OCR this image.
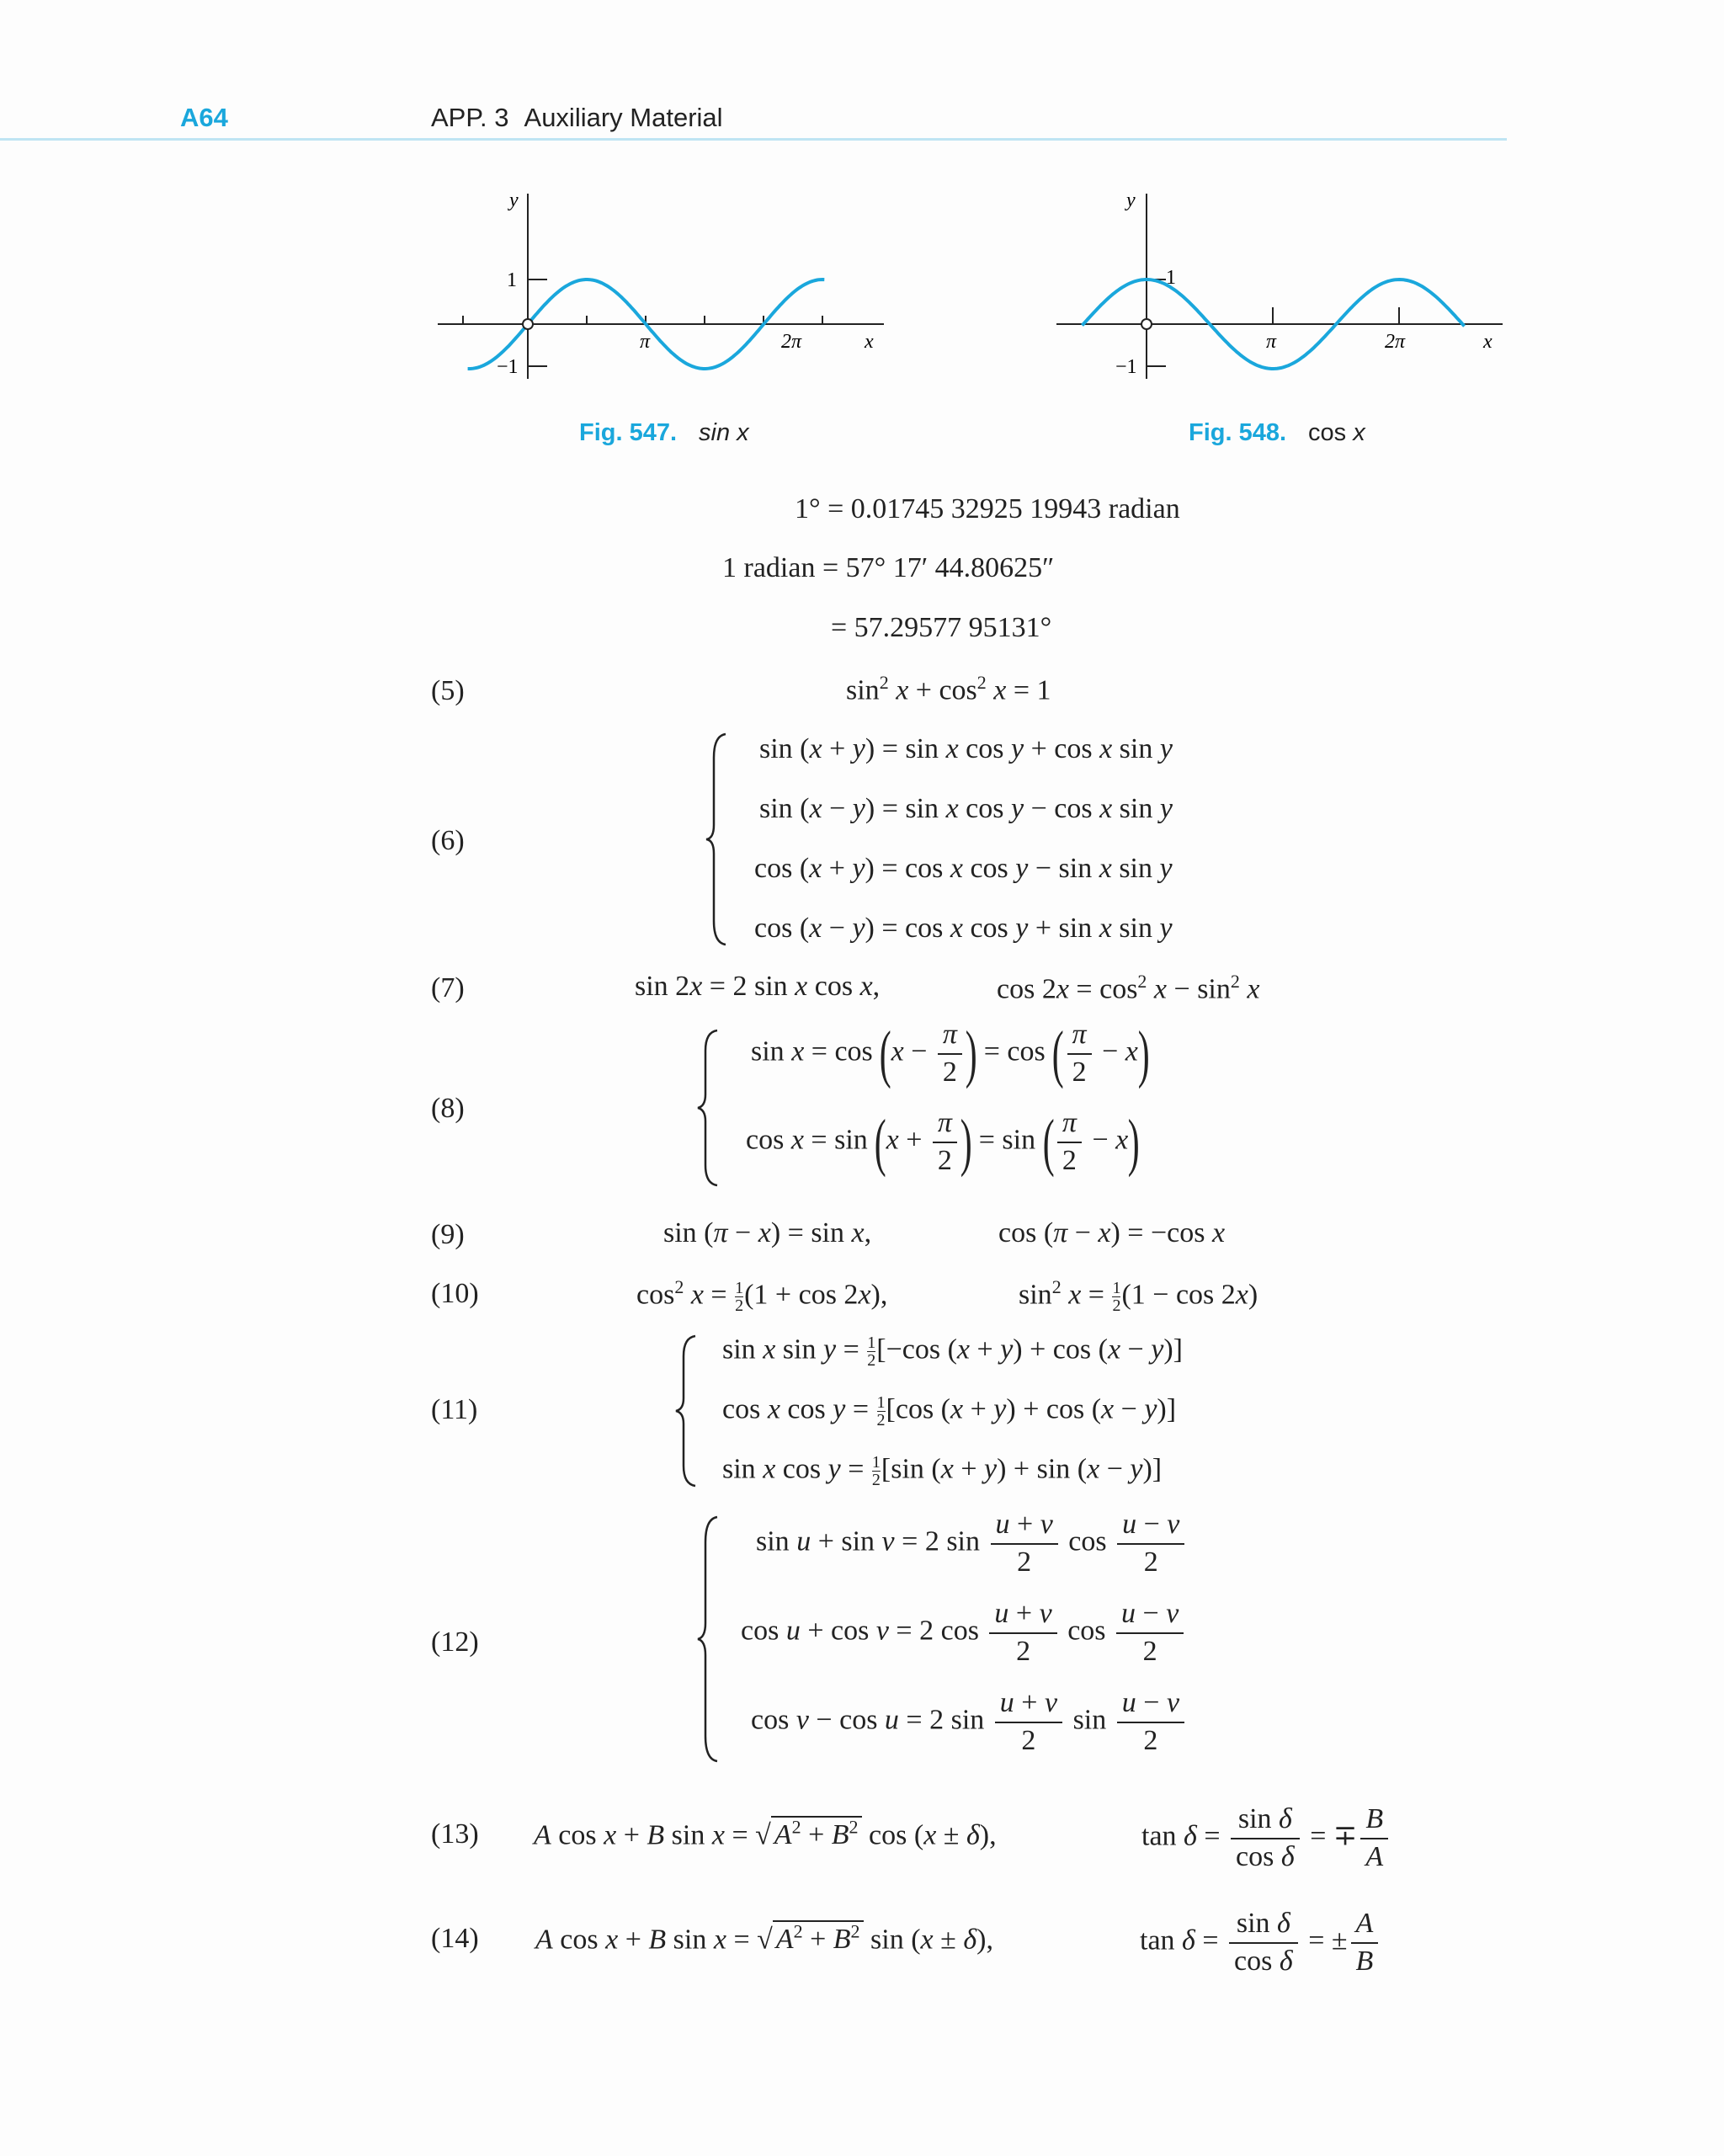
A64	APP. 3 Auxiliary Material
y
1
−1
π	2π	x
Fig. 547. sin x
y
1
−1
π	2π	x
Fig. 548. cos x
1° = 0.01745 32925 19943 radian
1 radian = 57° 17′ 44.80625″
= 57.29577 95131°
(5)	$\sin^2 x + \cos^2 x = 1$
(6)
sin (x + y) = sin x cos y + cos x sin y
sin (x − y) = sin x cos y − cos x sin y
cos (x + y) = cos x cos y − sin x sin y
cos (x − y) = cos x cos y + sin x sin y
(7)	sin 2x = 2 sin x cos x,	$\cos 2x = \cos^2 x - \sin^2 x$
(8)
$\sin x = \cos (x - \frac{\pi}{2}$ ) = cos ( $\frac{\pi}{2} - x$)
$\cos x = \sin (x + \frac{\pi}{2}$ ) = sin ( $\frac{\pi}{2} - x$)
(9)	sin (π − x) = sin x,	cos (π − x) = −cos x
(10)	$\cos^2 x = \frac{1}{2} (1 + \cos 2x)$,	$\sin^2 x = \frac{1}{2} (1 - \cos 2x)$
(11)
sin x $\sin y = \frac{1}{2} [-\cos$ (x + y) + cos (x − y)]
cos x $\cos y = \frac{1}{2} [\cos$ (x + y) + cos (x − y)]
sin x $\cos y = \frac{1}{2} [\sin$ (x + y) + sin (x − y)]
(12)
sin u + sin v = 2 $\sin \frac{u + v}{2}$ $\cos \frac{u - v}{2}$
cos u + cos v = 2 $\cos \frac{u + v}{2}$ $\cos \frac{u - v}{2}$
cos v − cos u = 2 $\sin \frac{u + v}{2}$ $\sin \frac{u - v}{2}$
(13) A cos x + B sin x = √ $A^2 + B^2$ cos (x ± δ),	$\tan \delta = \frac{\text{sin δ}}{\text{cos δ}}$ = ∓ $\frac{B}{A}$
(14) A cos x + B sin x = √ $A^2 + B^2$ sin (x ± δ),	$\tan \delta = \frac{\text{sin δ}}{\text{cos δ}}$ = ± $\frac{A}{B}$
